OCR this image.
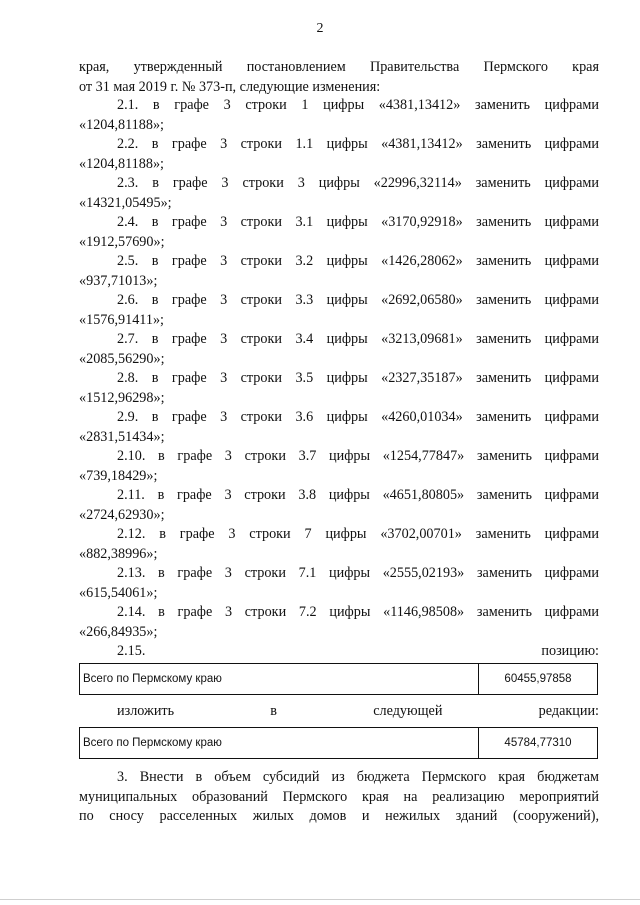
2
края, утвержденный постановлением Правительства Пермского края
от 31 мая 2019 г. № 373-п, следующие изменения:
2.1. в графе 3 строки 1 цифры «4381,13412» заменить цифрами
«1204,81188»;
2.2. в графе 3 строки 1.1 цифры «4381,13412» заменить цифрами
«1204,81188»;
2.3. в графе 3 строки 3 цифры «22996,32114» заменить цифрами
«14321,05495»;
2.4. в графе 3 строки 3.1 цифры «3170,92918» заменить цифрами
«1912,57690»;
2.5. в графе 3 строки 3.2 цифры «1426,28062» заменить цифрами
«937,71013»;
2.6. в графе 3 строки 3.3 цифры «2692,06580» заменить цифрами
«1576,91411»;
2.7. в графе 3 строки 3.4 цифры «3213,09681» заменить цифрами
«2085,56290»;
2.8. в графе 3 строки 3.5 цифры «2327,35187» заменить цифрами
«1512,96298»;
2.9. в графе 3 строки 3.6 цифры «4260,01034» заменить цифрами
«2831,51434»;
2.10. в графе 3 строки 3.7 цифры «1254,77847» заменить цифрами
«739,18429»;
2.11. в графе 3 строки 3.8 цифры «4651,80805» заменить цифрами
«2724,62930»;
2.12. в графе 3 строки 7 цифры «3702,00701» заменить цифрами
«882,38996»;
2.13. в графе 3 строки 7.1 цифры «2555,02193» заменить цифрами
«615,54061»;
2.14. в графе 3 строки 7.2 цифры «1146,98508» заменить цифрами
«266,84935»;
2.15. позицию:
Всего по Пермскому краю	60455,97858
изложить в следующей редакции:
Всего по Пермскому краю	45784,77310
3. Внести в объем субсидий из бюджета Пермского края бюджетам
муниципальных образований Пермского края на реализацию мероприятий
по сносу расселенных жилых домов и нежилых зданий (сооружений),
